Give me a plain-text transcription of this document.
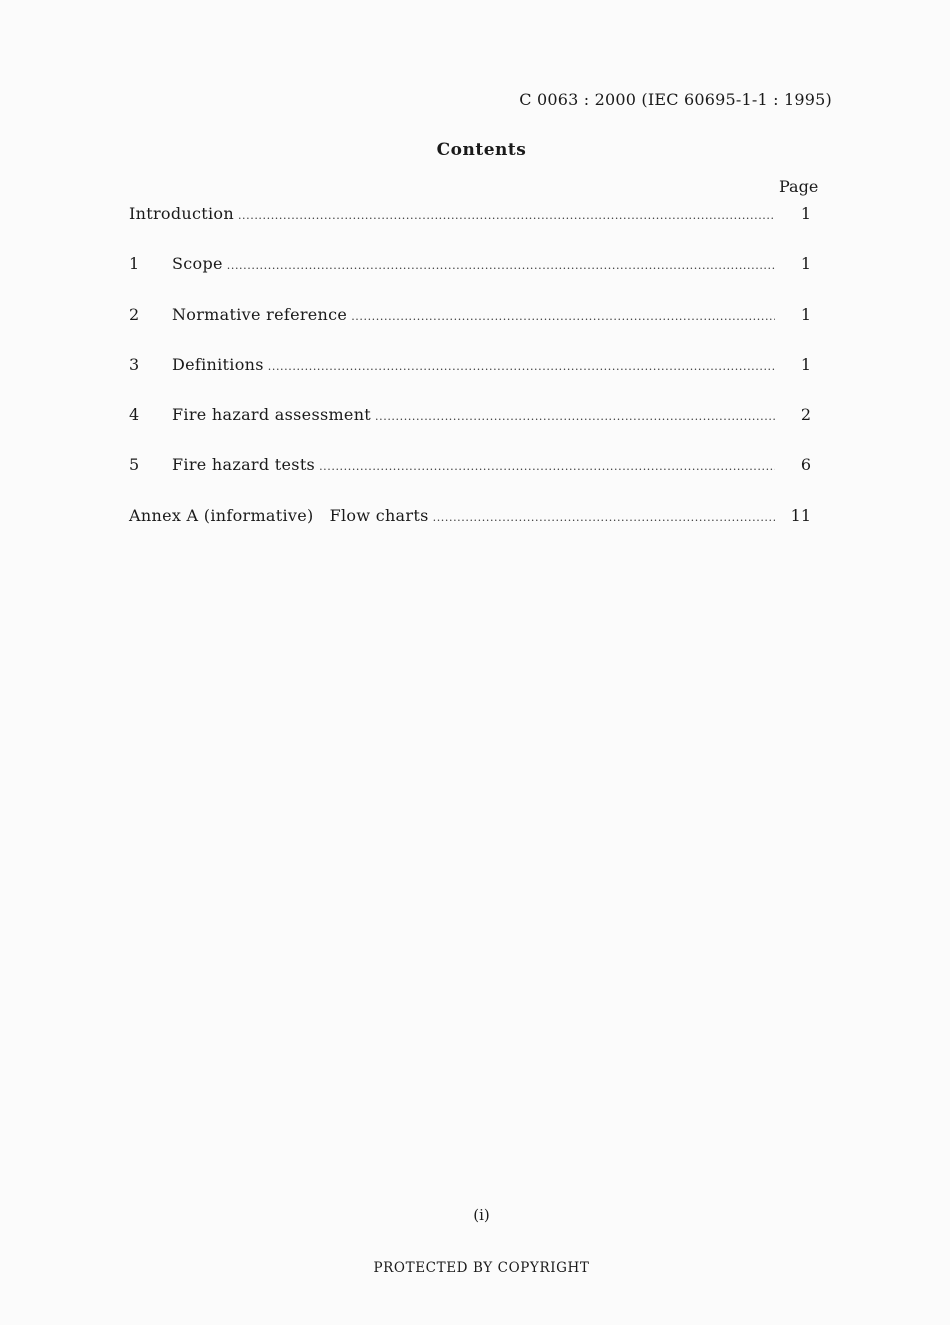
C 0063 : 2000 (IEC 60695-1-1 : 1995)
Contents
Page
Introduction .....	1
1	Scope .....	1
2	Normative reference .....	1
3	Definitions .....	1
4	Fire hazard assessment .....	2
5	Fire hazard tests .....	6
Annex A (informative) Flow charts .....	11
(i)
PROTECTED BY COPYRIGHT
